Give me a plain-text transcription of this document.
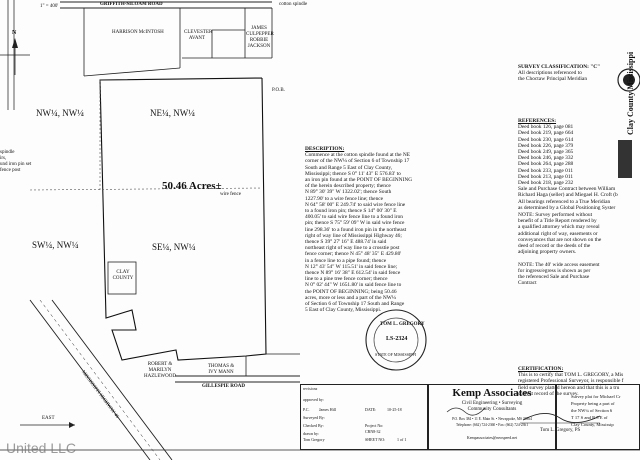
GRIFFITH-SILOAM ROAD
HARRISON McINTOSH	CLEVESTER AVANT
JAMES CULPEPPER ROBBIE JACKSON
P.O.B.
cotton spindle
1" = 400'
NE¼, NW¼
NW¼, NW¼
SW¼, NW¼	SE¼, NW¼
50.46 Acres±
wire fence
CLAY COUNTY
ROBERT & MARILYN HAZLEWOOD
THOMAS & IVY MANN
GILLESPIE ROAD
EAST
spindle
irs,
und iron pin set
fence post
MISSISSIPPI HIGHWAY 46
N
DESCRIPTION:
Commence at the cotton spindle found at the NE
corner of the NW¼ of Section 6 of Township 17
South and Range 5 East of Clay County,
Mississippi; thence S 0° 11' 43" E 576.83' to
an iron pin found at the POINT OF BEGINNING
of the herein described property; thence
N 89° 30' 39" W 1322.02'; thence South
1227.90' to a wire fence line; thence
N 64° 58' 00" E 249.74' to said wire fence line
to a found iron pin; thence S 14° 00' 30" E
400.05' to said wire fence line to a found iron
pin; thence S 75° 59' 09" W in said wire fence
line 298.36' to a found iron pin in the northeast
right of way line of Mississippi Highway 46;
thence S 39° 27' 16" E 488.74' in said
northeast right of way line to a crosstie post
fence corner; thence N 45° 48' 35" E 429.80'
in a fence line to a pipe found; thence
N 12° 43' 54" W 115.51' in said fence line;
thence N 89° 16' 38" E 612.54' in said fence
line to a pine tree fence corner; thence
N 0° 02' 44" W 1651.80' in said fence line to
the POINT OF BEGINNING; being 50.46
acres, more or less and a part of the NW¼
of Section 6 of Township 17 South and Range
5 East of Clay County, Mississippi.
SURVEY CLASSIFICATION: "C"
All descriptions referenced to
the Choctaw Principal Meridian
REFERENCES:
Deed book 126, page 081
Deed book 219, page 664
Deed book 230, page 614
Deed book 226, page 379
Deed book 249, page 365
Deed book 246, page 332
Deed book 264, page 288
Deed book 233, page 011
Deed book 213, page 011
Deed book 218, page 232
Sale and Purchase Contract between William
Richard Haga (seller) and Miegael H. Croft (b
All bearings referenced to a True Meridian
as determined by a Global Positioning Syster
NOTE: Survey performed without
benefit of a Title Report rendered by
a qualified attorney which may reveal
additional right of way, easements or
conveyances that are not shown on the
deed of record or the deeds of the
adjoining property owners.

NOTE: The 40' wide access easement
for ingress/egress is shown as per
the referenced Sale and Purchase
Contract
CERTIFICATION:
This is to certify that TOM L. GREGORY, a Mis
registered Professional Surveyor, is responsible f
field survey platted hereon and that this is a tru
correct record of the survey.
Tom L. Gregory, PS
TOM L. GREGORY
LS-2324
STATE OF MISSISSIPPI
revisions
approved by:
P.C. James Hill
Surveyed By:
Checked By:
drawn by:
Tom Gregory
DATE:	10-25-18
Project No:
CRN8-32
SHEET NO:	1 of 1
Kemp Associates
Civil Engineering • Surveying
Community Consultants
P.O. Box 384 • 11 E. Main St. • Newsppoke, MS 39364
Telephone: (662) 724-2360 • Fax: (662) 724-2361
Kempassociates@neospeed.net
Survey plat for Michael Cr
Property being a part of
the NW¼ of Section 6
T 17 S and R 5 E of
Clay County, Mississip
Clay County Mississippi
United LLC
